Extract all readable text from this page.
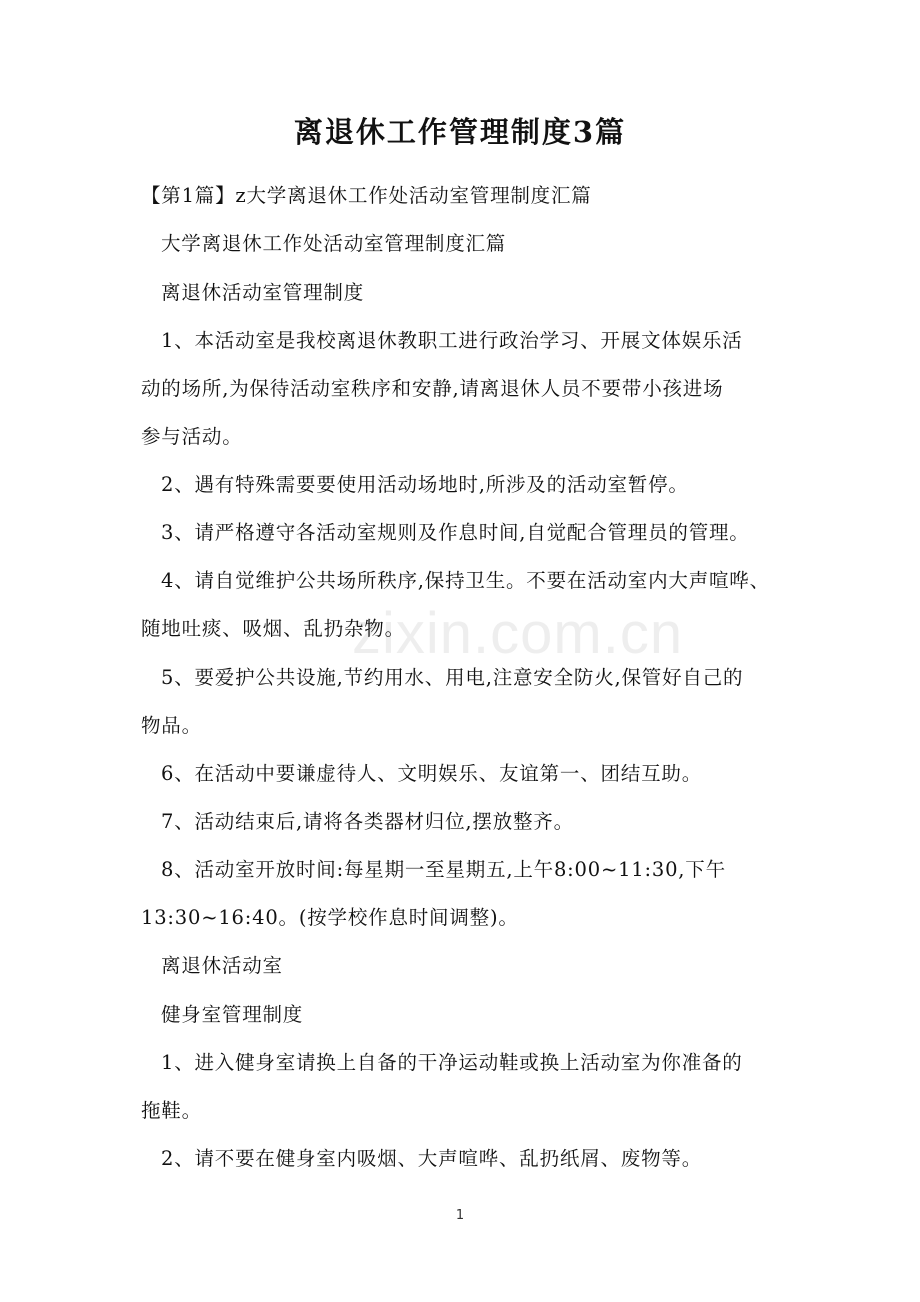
zixin.com.cn
离退休工作管理制度3篇
【第1篇】z大学离退休工作处活动室管理制度汇篇
大学离退休工作处活动室管理制度汇篇
离退休活动室管理制度
1、本活动室是我校离退休教职工进行政治学习、开展文体娱乐活
动的场所,为保待活动室秩序和安静,请离退休人员不要带小孩进场
参与活动。
2、遇有特殊需要要使用活动场地时,所涉及的活动室暂停。
3、请严格遵守各活动室规则及作息时间,自觉配合管理员的管理。
4、请自觉维护公共场所秩序,保持卫生。不要在活动室内大声喧哗、
随地吐痰、吸烟、乱扔杂物。
5、要爱护公共设施,节约用水、用电,注意安全防火,保管好自己的
物品。
6、在活动中要谦虚待人、文明娱乐、友谊第一、团结互助。
7、活动结束后,请将各类器材归位,摆放整齐。
8、活动室开放时间:每星期一至星期五,上午8:00~11:30,下午
13:30~16:40。(按学校作息时间调整)。
离退休活动室
健身室管理制度
1、进入健身室请换上自备的干净运动鞋或换上活动室为你准备的
拖鞋。
2、请不要在健身室内吸烟、大声喧哗、乱扔纸屑、废物等。
1
